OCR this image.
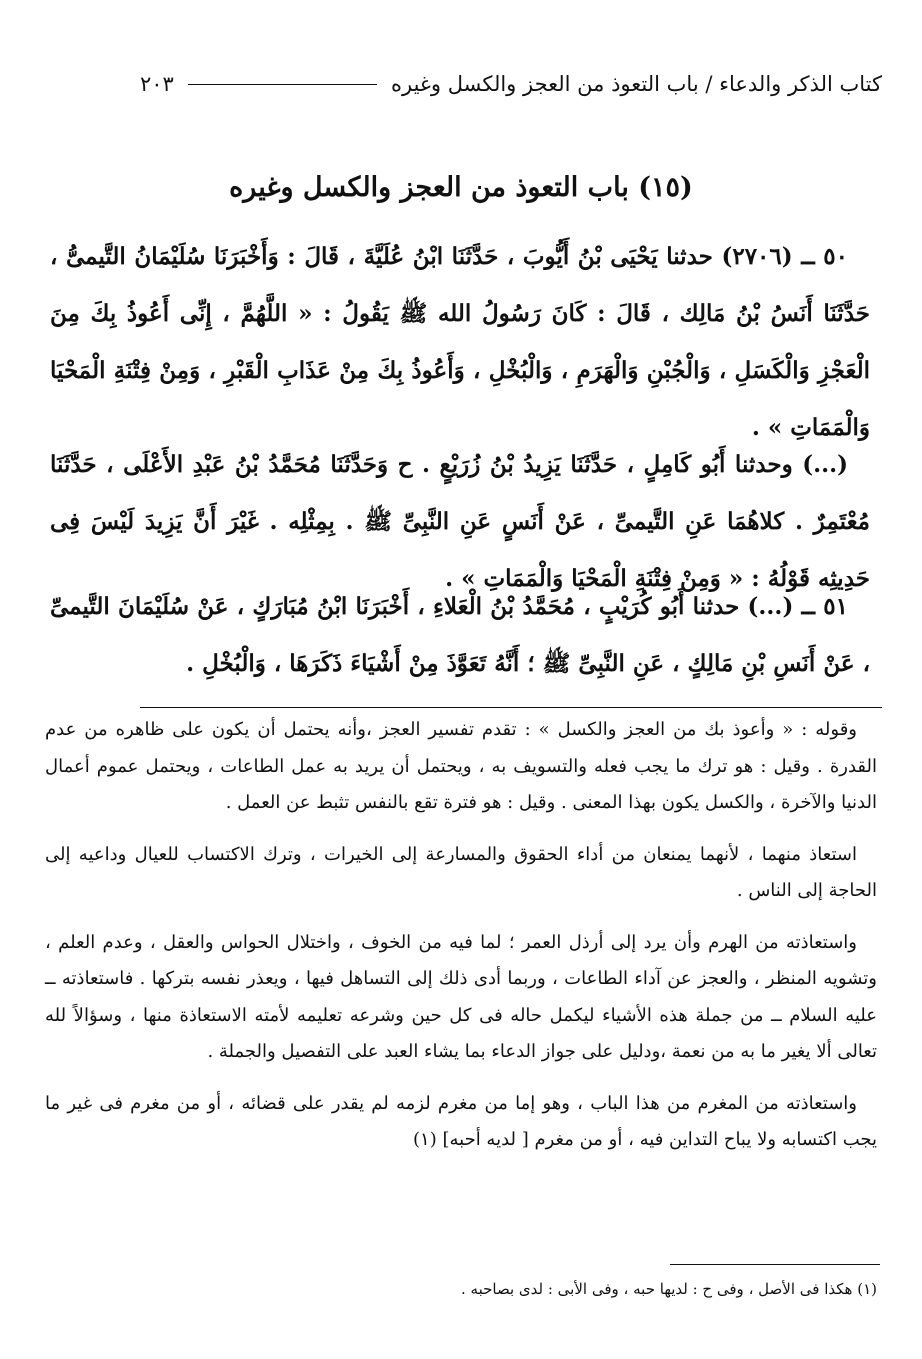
كتاب الذكر والدعاء / باب التعوذ من العجز والكسل وغيره
٢٠٣
(١٥) باب التعوذ من العجز والكسل وغيره

٥٠ ــ (٢٧٠٦) حدثنا يَحْيَى بْنُ أَيُّوبَ ، حَدَّثَنَا ابْنُ عُلَيَّةَ ، قَالَ : وَأَخْبَرَنَا سُلَيْمَانُ التَّيمىُّ ، حَدَّثَنَا أَنَسُ بْنُ مَالِك ، قَالَ : كَانَ رَسُولُ الله ﷺ يَقُولُ : « اللَّهُمَّ ، إِنِّى أَعُوذُ بِكَ مِنَ الْعَجْزِ وَالْكَسَلِ ، وَالْجُبْنِ وَالْهَرَمِ ، وَالْبُخْلِ ، وَأَعُوذُ بِكَ مِنْ عَذَابِ الْقَبْرِ ، وَمِنْ فِتْنَةِ الْمَحْيَا وَالْمَمَاتِ » .

(...) وحدثنا أَبُو كَامِلٍ ، حَدَّثَنَا يَزِيدُ بْنُ زُرَيْعٍ . ح وَحَدَّثَنَا مُحَمَّدُ بْنُ عَبْدِ الأَعْلَى ، حَدَّثَنَا مُعْتَمِرٌ . كلاهُمَا عَنِ التَّيمىِّ ، عَنْ أَنَسٍ عَنِ النَّبِىِّ ﷺ . بِمِثْلِه . غَيْرَ أَنَّ يَزِيدَ لَيْسَ فِى حَدِيثِه قَوْلُهُ : « وَمِنْ فِتْنَةِ الْمَحْيَا وَالْمَمَاتِ » .

٥١ ــ (...) حدثنا أَبُو كُرَيْبٍ ، مُحَمَّدُ بْنُ الْعَلاءِ ، أَخْبَرَنَا ابْنُ مُبَارَكٍ ، عَنْ سُلَيْمَانَ التَّيمىِّ ، عَنْ أَنَسِ بْنِ مَالِكٍ ، عَنِ النَّبِىِّ ﷺ ؛ أَنَّهُ تَعَوَّذَ مِنْ أَشْيَاءَ ذَكَرَهَا ، وَالْبُخْلِ .

وقوله : « وأعوذ بك من العجز والكسل » : تقدم تفسير العجز ،وأنه يحتمل أن يكون على ظاهره من عدم القدرة . وقيل : هو ترك ما يجب فعله والتسويف به ، ويحتمل أن يريد به عمل الطاعات ، ويحتمل عموم أعمال الدنيا والآخرة ، والكسل يكون بهذا المعنى . وقيل : هو فترة تقع بالنفس تثبط عن العمل .

استعاذ منهما ، لأنهما يمنعان من أداء الحقوق والمسارعة إلى الخيرات ، وترك الاكتساب للعيال وداعيه إلى الحاجة إلى الناس .

واستعاذته من الهرم وأن يرد إلى أرذل العمر ؛ لما فيه من الخوف ، واختلال الحواس والعقل ، وعدم العلم ، وتشويه المنظر ، والعجز عن آداء الطاعات ، وربما أدى ذلك إلى التساهل فيها ، ويعذر نفسه بتركها . فاستعاذته ــ عليه السلام ــ من جملة هذه الأشياء ليكمل حاله فى كل حين وشرعه تعليمه لأمته الاستعاذة منها ، وسؤالاً لله تعالى ألا يغير ما به من نعمة ،ودليل على جواز الدعاء بما يشاء العبد على التفصيل والجملة .

واستعاذته من المغرم من هذا الباب ، وهو إما من مغرم لزمه لم يقدر على قضائه ، أو من مغرم فى غير ما يجب اكتسابه ولا يباح التداين فيه ، أو من مغرم [ لديه أحبه] (١)

(١) هكذا فى الأصل ، وفى ح : لديها حبه ، وفى الأبى : لدى بصاحبه .
